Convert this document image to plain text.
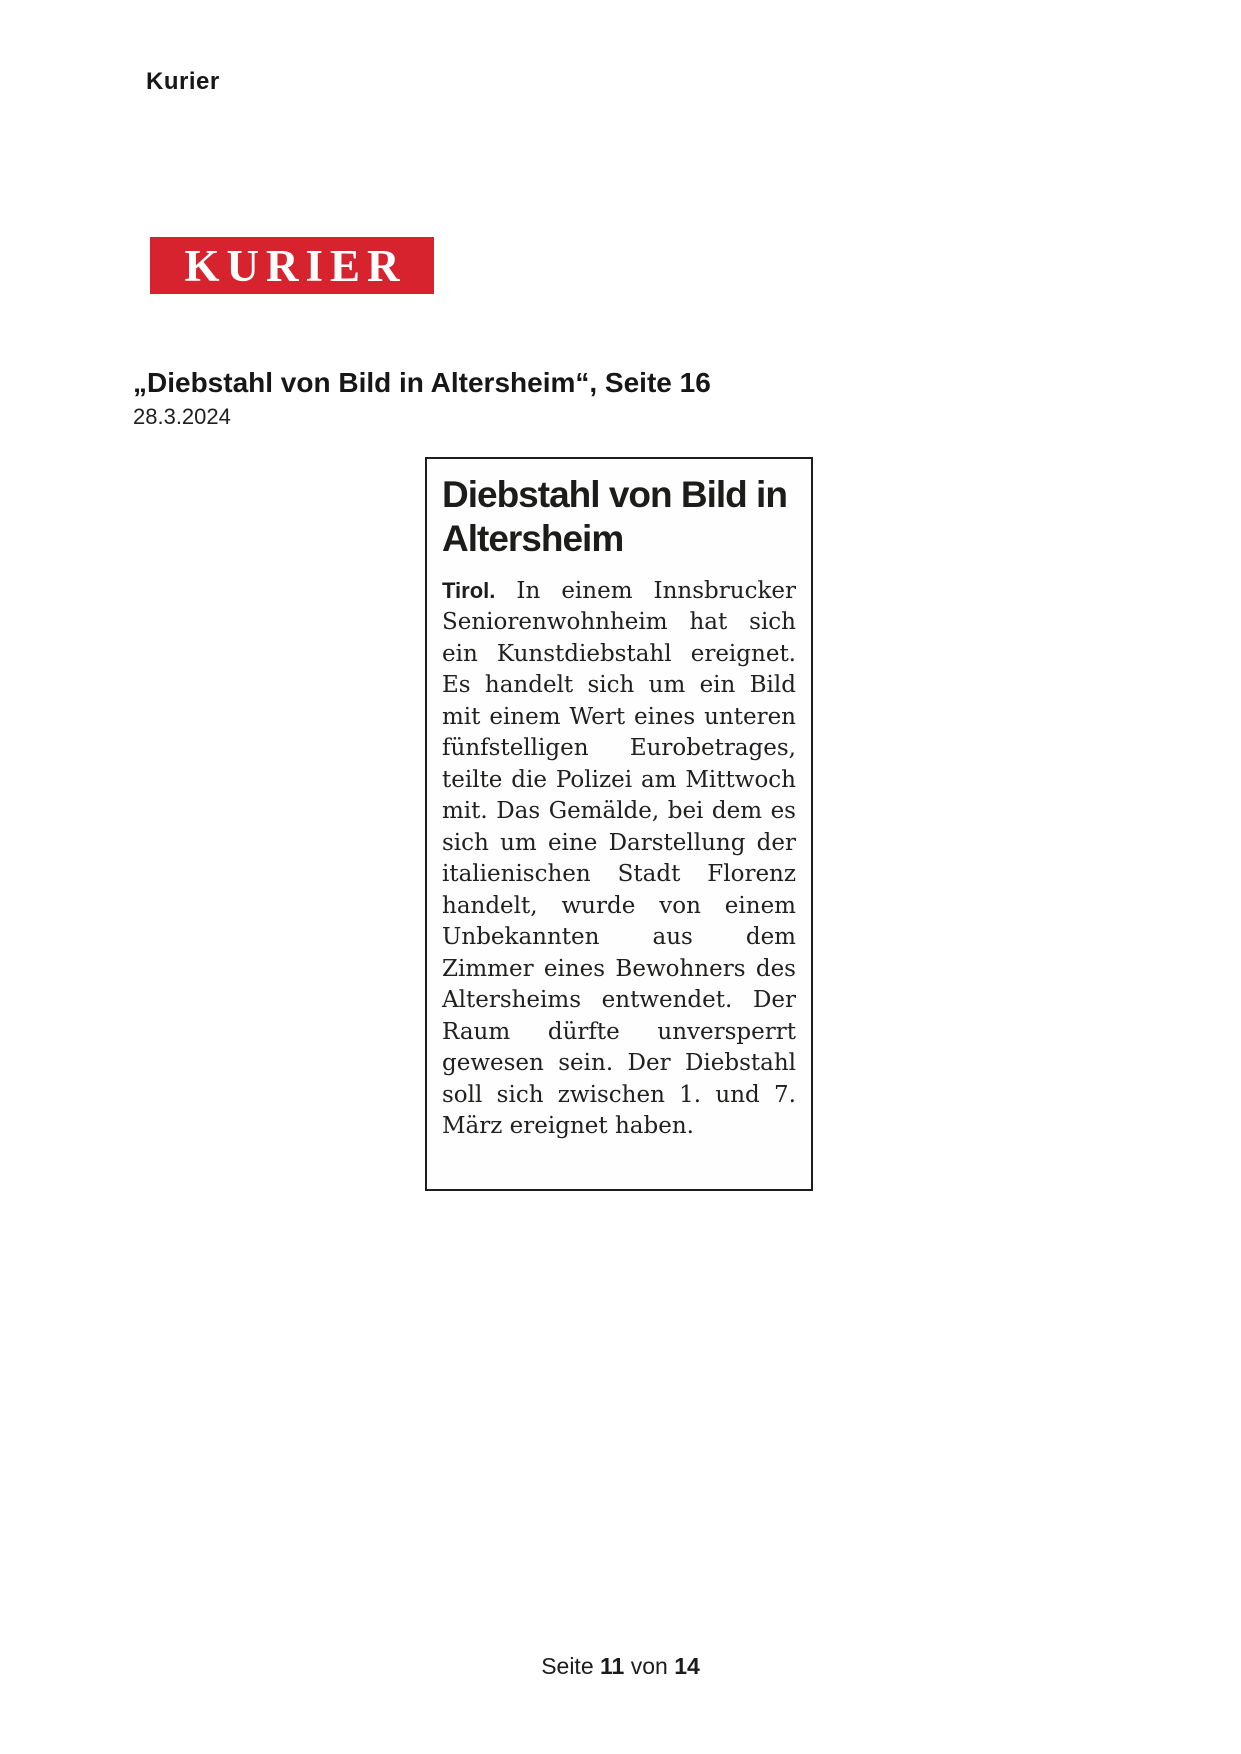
Kurier
KURIER
„Diebstahl von Bild in Altersheim“, Seite 16
28.3.2024
Diebstahl von Bild in Altersheim

Tirol. In einem Innsbrucker Seniorenwohnheim hat sich ein Kunstdiebstahl ereignet. Es handelt sich um ein Bild mit einem Wert eines unteren fünfstelligen Eurobetrages, teilte die Polizei am Mittwoch mit. Das Gemälde, bei dem es sich um eine Darstellung der italienischen Stadt Florenz handelt, wurde von einem Unbekannten aus dem Zimmer eines Bewohners des Altersheims entwendet. Der Raum dürfte unversperrt gewesen sein. Der Diebstahl soll sich zwischen 1. und 7. März ereignet haben.

Seite 11 von 14
